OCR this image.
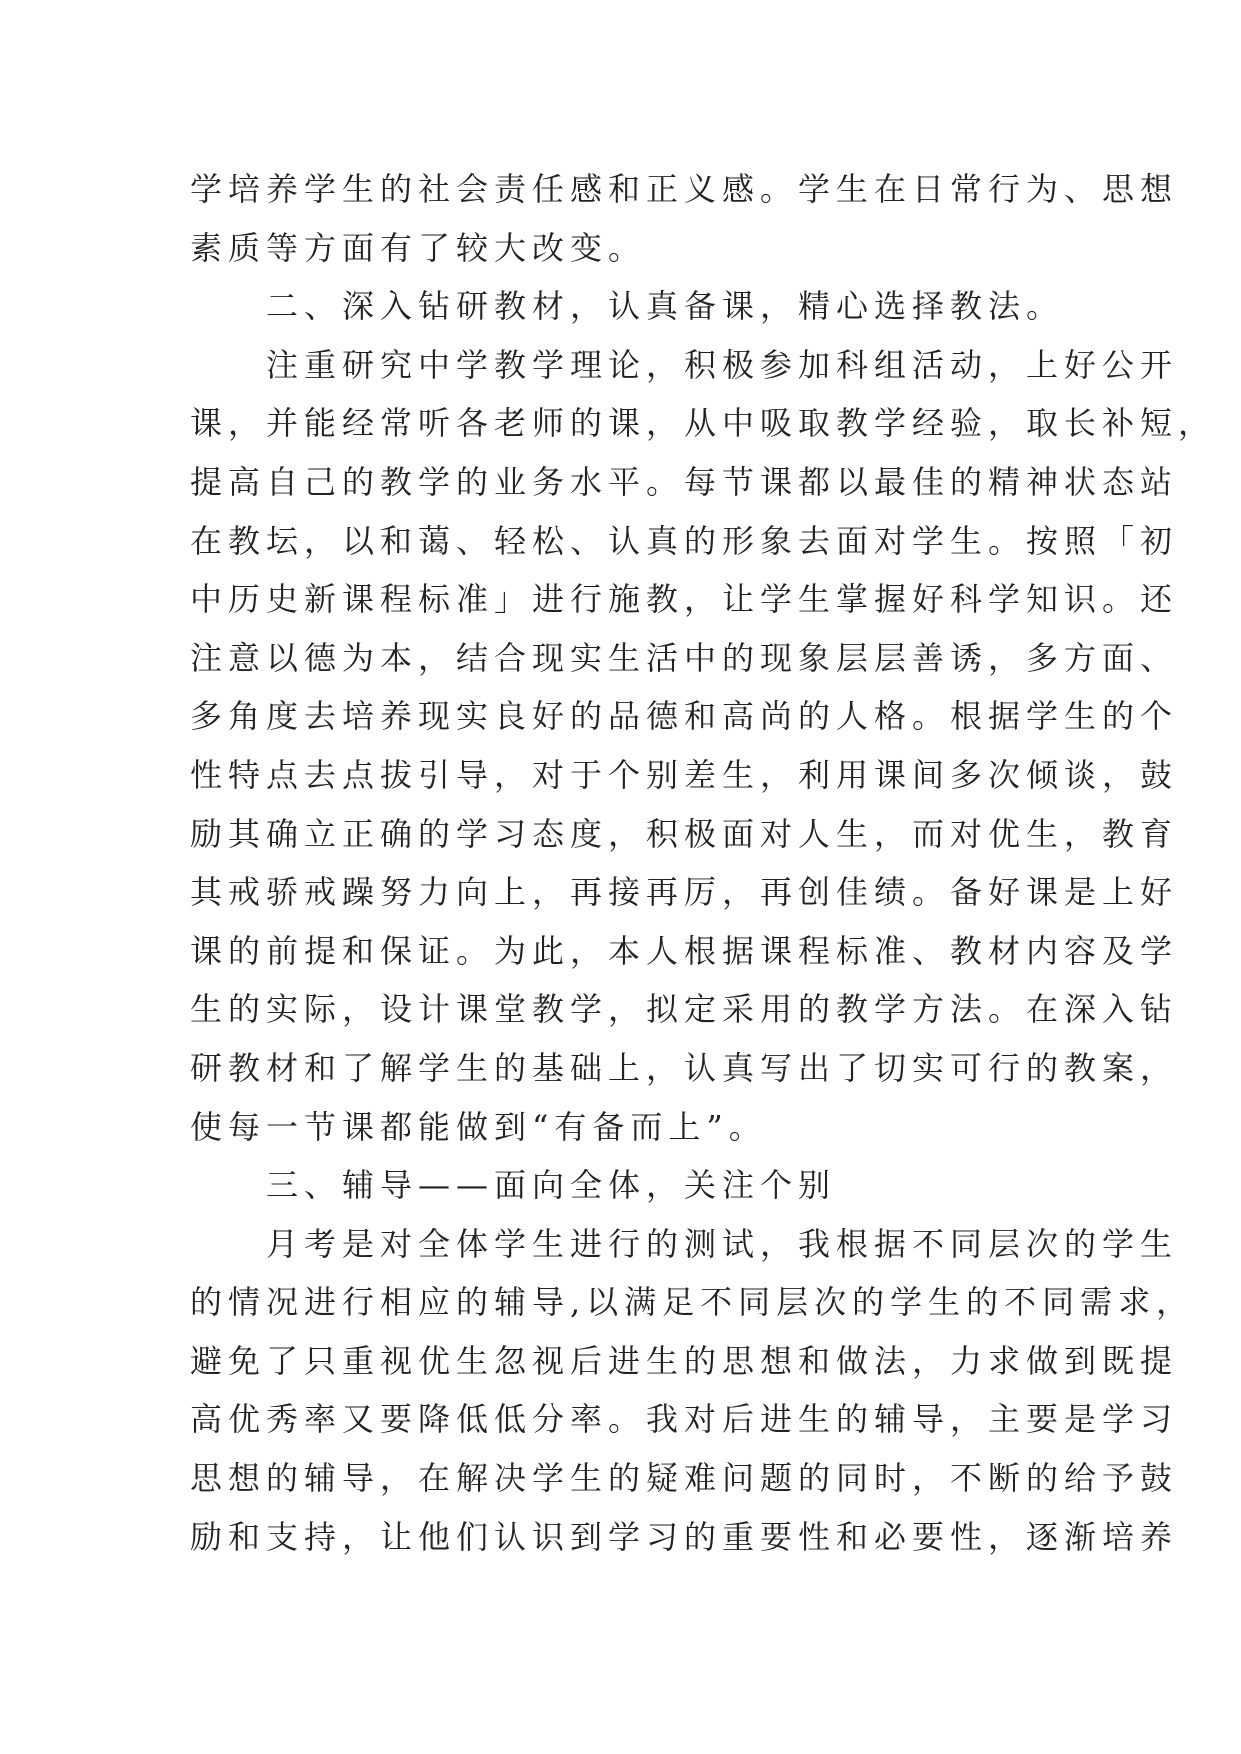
学培养学生的社会责任感和正义感。学生在日常行为、思想
素质等方面有了较大改变。
二、深入钻研教材，认真备课，精心选择教法。
注重研究中学教学理论，积极参加科组活动，上好公开
课，并能经常听各老师的课，从中吸取教学经验，取长补短，
提高自己的教学的业务水平。每节课都以最佳的精神状态站
在教坛，以和蔼、轻松、认真的形象去面对学生。按照「初
中历史新课程标准」进行施教，让学生掌握好科学知识。还
注意以德为本，结合现实生活中的现象层层善诱，多方面、
多角度去培养现实良好的品德和高尚的人格。根据学生的个
性特点去点拔引导，对于个别差生，利用课间多次倾谈，鼓
励其确立正确的学习态度，积极面对人生，而对优生，教育
其戒骄戒躁努力向上，再接再厉，再创佳绩。备好课是上好
课的前提和保证。为此，本人根据课程标准、教材内容及学
生的实际，设计课堂教学，拟定采用的教学方法。在深入钻
研教材和了解学生的基础上，认真写出了切实可行的教案，
使每一节课都能做到“有备而上”。
三、辅导——面向全体，关注个别
月考是对全体学生进行的测试，我根据不同层次的学生
的情况进行相应的辅导,以满足不同层次的学生的不同需求，
避免了只重视优生忽视后进生的思想和做法，力求做到既提
高优秀率又要降低低分率。我对后进生的辅导，主要是学习
思想的辅导，在解决学生的疑难问题的同时，不断的给予鼓
励和支持，让他们认识到学习的重要性和必要性，逐渐培养
